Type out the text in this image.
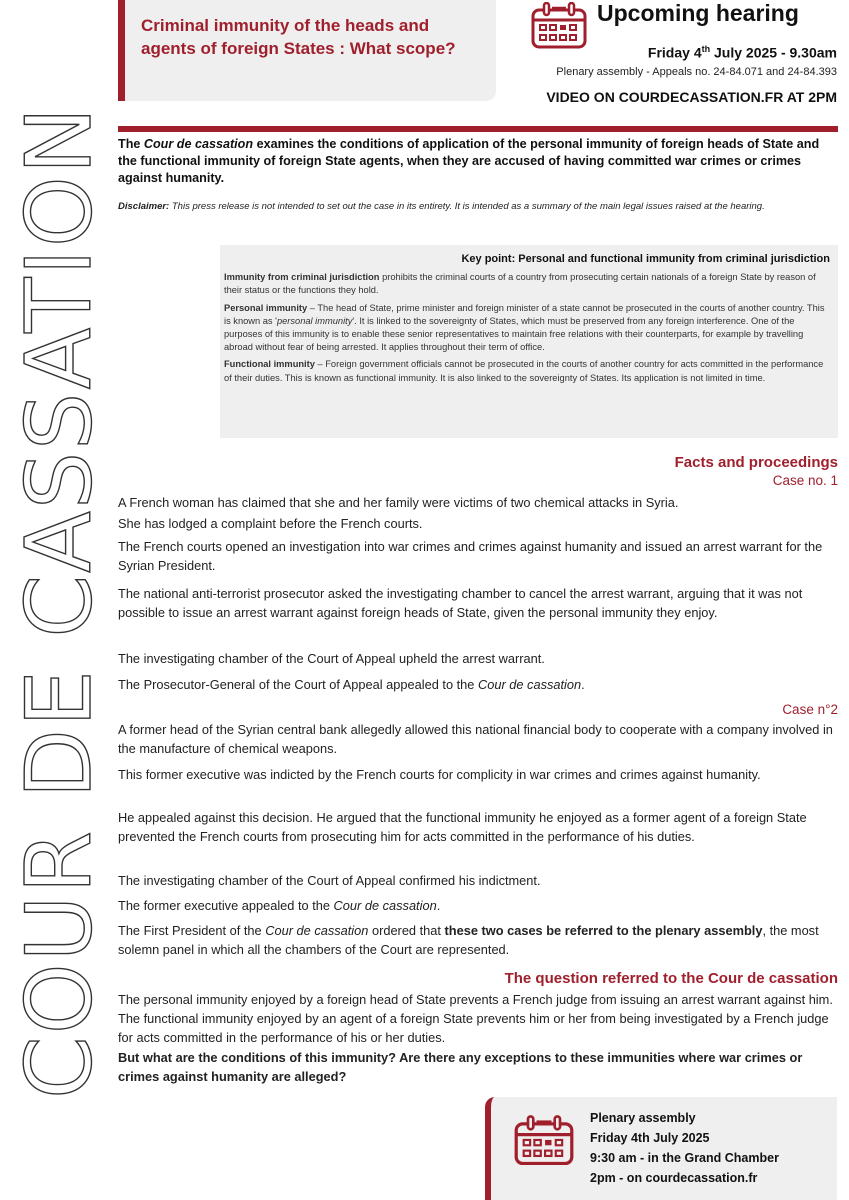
COUR DE CASSATION
Criminal immunity of the heads and agents of foreign States : What scope?
Upcoming hearing
Friday 4th July 2025 - 9.30am
Plenary assembly - Appeals no. 24-84.071 and 24-84.393
VIDEO ON COURDECASSATION.FR AT 2PM
The Cour de cassation examines the conditions of application of the personal immunity of foreign heads of State and the functional immunity of foreign State agents, when they are accused of having committed war crimes or crimes against humanity.
Disclaimer: This press release is not intended to set out the case in its entirety. It is intended as a summary of the main legal issues raised at the hearing.
Key point: Personal and functional immunity from criminal jurisdiction

Immunity from criminal jurisdiction prohibits the criminal courts of a country from prosecuting certain nationals of a foreign State by reason of their status or the functions they hold.

Personal immunity – The head of State, prime minister and foreign minister of a state cannot be prosecuted in the courts of another country. This is known as 'personal immunity'. It is linked to the sovereignty of States, which must be preserved from any foreign interference. One of the purposes of this immunity is to enable these senior representatives to maintain free relations with their counterparts, for example by travelling abroad without fear of being arrested. It applies throughout their term of office.

Functional immunity – Foreign government officials cannot be prosecuted in the courts of another country for acts committed in the performance of their duties. This is known as functional immunity. It is also linked to the sovereignty of States. Its application is not limited in time.

Facts and proceedings
Case no. 1
A French woman has claimed that she and her family were victims of two chemical attacks in Syria.
She has lodged a complaint before the French courts.
The French courts opened an investigation into war crimes and crimes against humanity and issued an arrest warrant for the Syrian President.
The national anti-terrorist prosecutor asked the investigating chamber to cancel the arrest warrant, arguing that it was not possible to issue an arrest warrant against foreign heads of State, given the personal immunity they enjoy.
The investigating chamber of the Court of Appeal upheld the arrest warrant.
The Prosecutor-General of the Court of Appeal appealed to the Cour de cassation.
Case n°2
A former head of the Syrian central bank allegedly allowed this national financial body to cooperate with a company involved in the manufacture of chemical weapons.
This former executive was indicted by the French courts for complicity in war crimes and crimes against humanity.
He appealed against this decision. He argued that the functional immunity he enjoyed as a former agent of a foreign State prevented the French courts from prosecuting him for acts committed in the performance of his duties.
The investigating chamber of the Court of Appeal confirmed his indictment.
The former executive appealed to the Cour de cassation.
The First President of the Cour de cassation ordered that these two cases be referred to the plenary assembly, the most solemn panel in which all the chambers of the Court are represented.
The question referred to the Cour de cassation
The personal immunity enjoyed by a foreign head of State prevents a French judge from issuing an arrest warrant against him. The functional immunity enjoyed by an agent of a foreign State prevents him or her from being investigated by a French judge for acts committed in the performance of his or her duties.
But what are the conditions of this immunity? Are there any exceptions to these immunities where war crimes or crimes against humanity are alleged?
Plenary assembly
Friday 4th July 2025
9:30 am - in the Grand Chamber
2pm - on courdecassation.fr
